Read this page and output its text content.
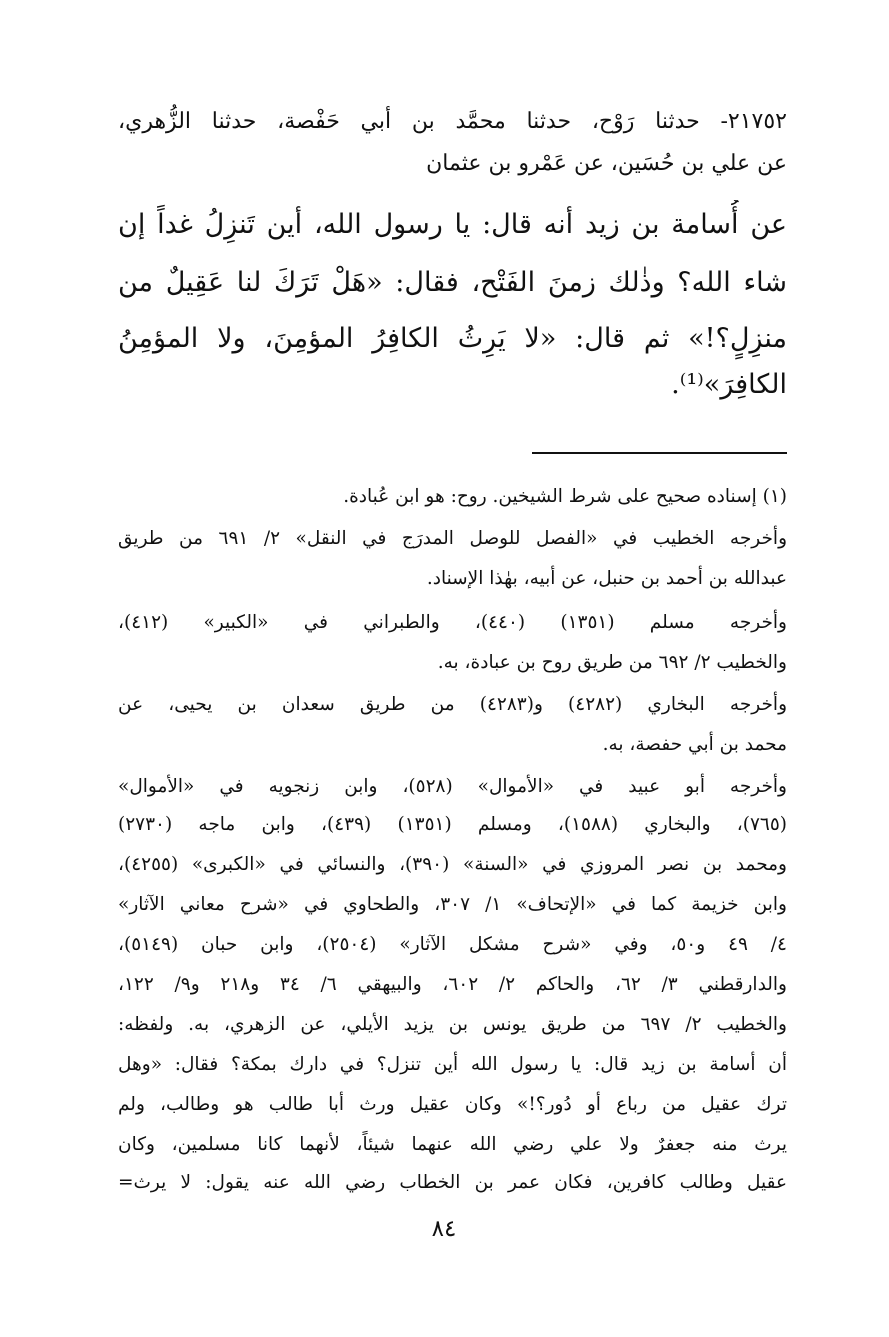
٢١٧٥٢- حدثنا رَوْح، حدثنا محمَّد بن أبي حَفْصة، حدثنا الزُّهري،

عن علي بن حُسَين، عن عَمْرو بن عثمان

عن أُسامة بن زيد أنه قال: يا رسول الله، أين تَنزِلُ غداً إن

شاء الله؟ وذٰلك زمنَ الفَتْح، فقال: «هَلْ تَرَكَ لنا عَقِيلٌ من

منزِلٍ؟!» ثم قال: «لا يَرِثُ الكافِرُ المؤمِنَ، ولا المؤمِنُ

الكافِرَ»⁽¹⁾.

(١) إسناده صحيح على شرط الشيخين. روح: هو ابن عُبادة.

وأخرجه الخطيب في «الفصل للوصل المدرَج في النقل» ٢/ ٦٩١ من طريق

عبدالله بن أحمد بن حنبل، عن أبيه، بهٰذا الإسناد.

وأخرجه مسلم (١٣٥١) (٤٤٠)، والطبراني في «الكبير» (٤١٢)،

والخطيب ٢/ ٦٩٢ من طريق روح بن عبادة، به.

وأخرجه البخاري (٤٢٨٢) و(٤٢٨٣) من طريق سعدان بن يحيى، عن

محمد بن أبي حفصة، به.

وأخرجه أبو عبيد في «الأموال» (٥٢٨)، وابن زنجويه في «الأموال»

(٧٦٥)، والبخاري (١٥٨٨)، ومسلم (١٣٥١) (٤٣٩)، وابن ماجه (٢٧٣٠)

ومحمد بن نصر المروزي في «السنة» (٣٩٠)، والنسائي في «الكبرى» (٤٢٥٥)،

وابن خزيمة كما في «الإتحاف» ١/ ٣٠٧، والطحاوي في «شرح معاني الآثار»

٤/ ٤٩ و٥٠، وفي «شرح مشكل الآثار» (٢٥٠٤)، وابن حبان (٥١٤٩)،

والدارقطني ٣/ ٦٢، والحاكم ٢/ ٦٠٢، والبيهقي ٦/ ٣٤ و٢١٨ و٩/ ١٢٢،

والخطيب ٢/ ٦٩٧ من طريق يونس بن يزيد الأيلي، عن الزهري، به. ولفظه:

أن أسامة بن زيد قال: يا رسول الله أين تنزل؟ في دارك بمكة؟ فقال: «وهل

ترك عقيل من رباع أو دُور؟!» وكان عقيل ورث أبا طالب هو وطالب، ولم

يرث منه جعفرٌ ولا علي رضي الله عنهما شيئاً، لأنهما كانا مسلمين، وكان

عقيل وطالب كافرين، فكان عمر بن الخطاب رضي الله عنه يقول: لا يرث=

٨٤
